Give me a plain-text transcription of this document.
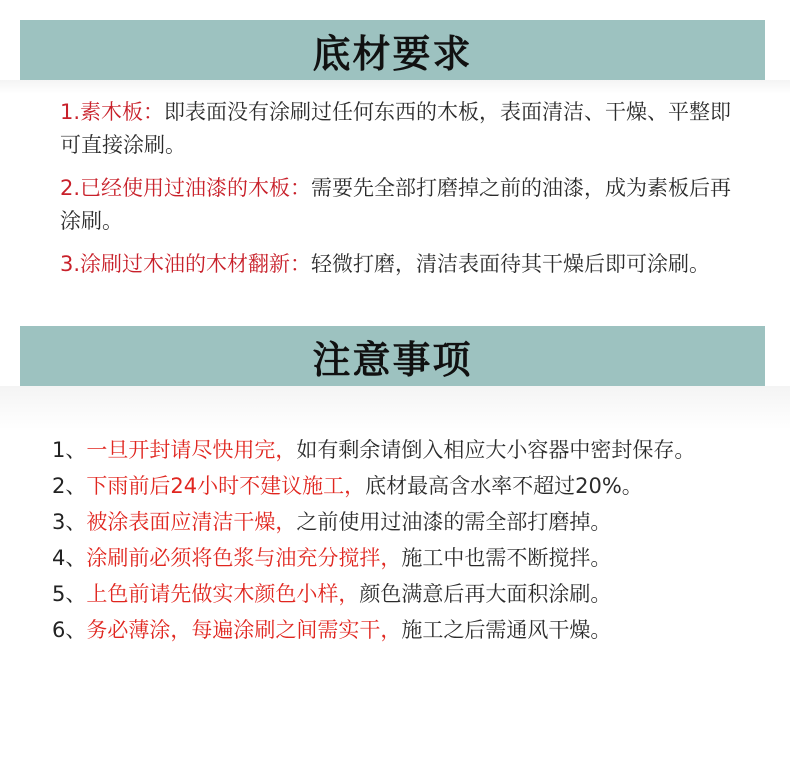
底材要求

1.素木板：即表面没有涂刷过任何东西的木板，表面清洁、干燥、平整即可直接涂刷。

2.已经使用过油漆的木板：需要先全部打磨掉之前的油漆，成为素板后再涂刷。

3.涂刷过木油的木材翻新：轻微打磨，清洁表面待其干燥后即可涂刷。

注意事项

1、一旦开封请尽快用完，如有剩余请倒入相应大小容器中密封保存。

2、下雨前后24小时不建议施工，底材最高含水率不超过20%。

3、被涂表面应清洁干燥，之前使用过油漆的需全部打磨掉。

4、涂刷前必须将色浆与油充分搅拌，施工中也需不断搅拌。

5、上色前请先做实木颜色小样，颜色满意后再大面积涂刷。

6、务必薄涂，每遍涂刷之间需实干，施工之后需通风干燥。
